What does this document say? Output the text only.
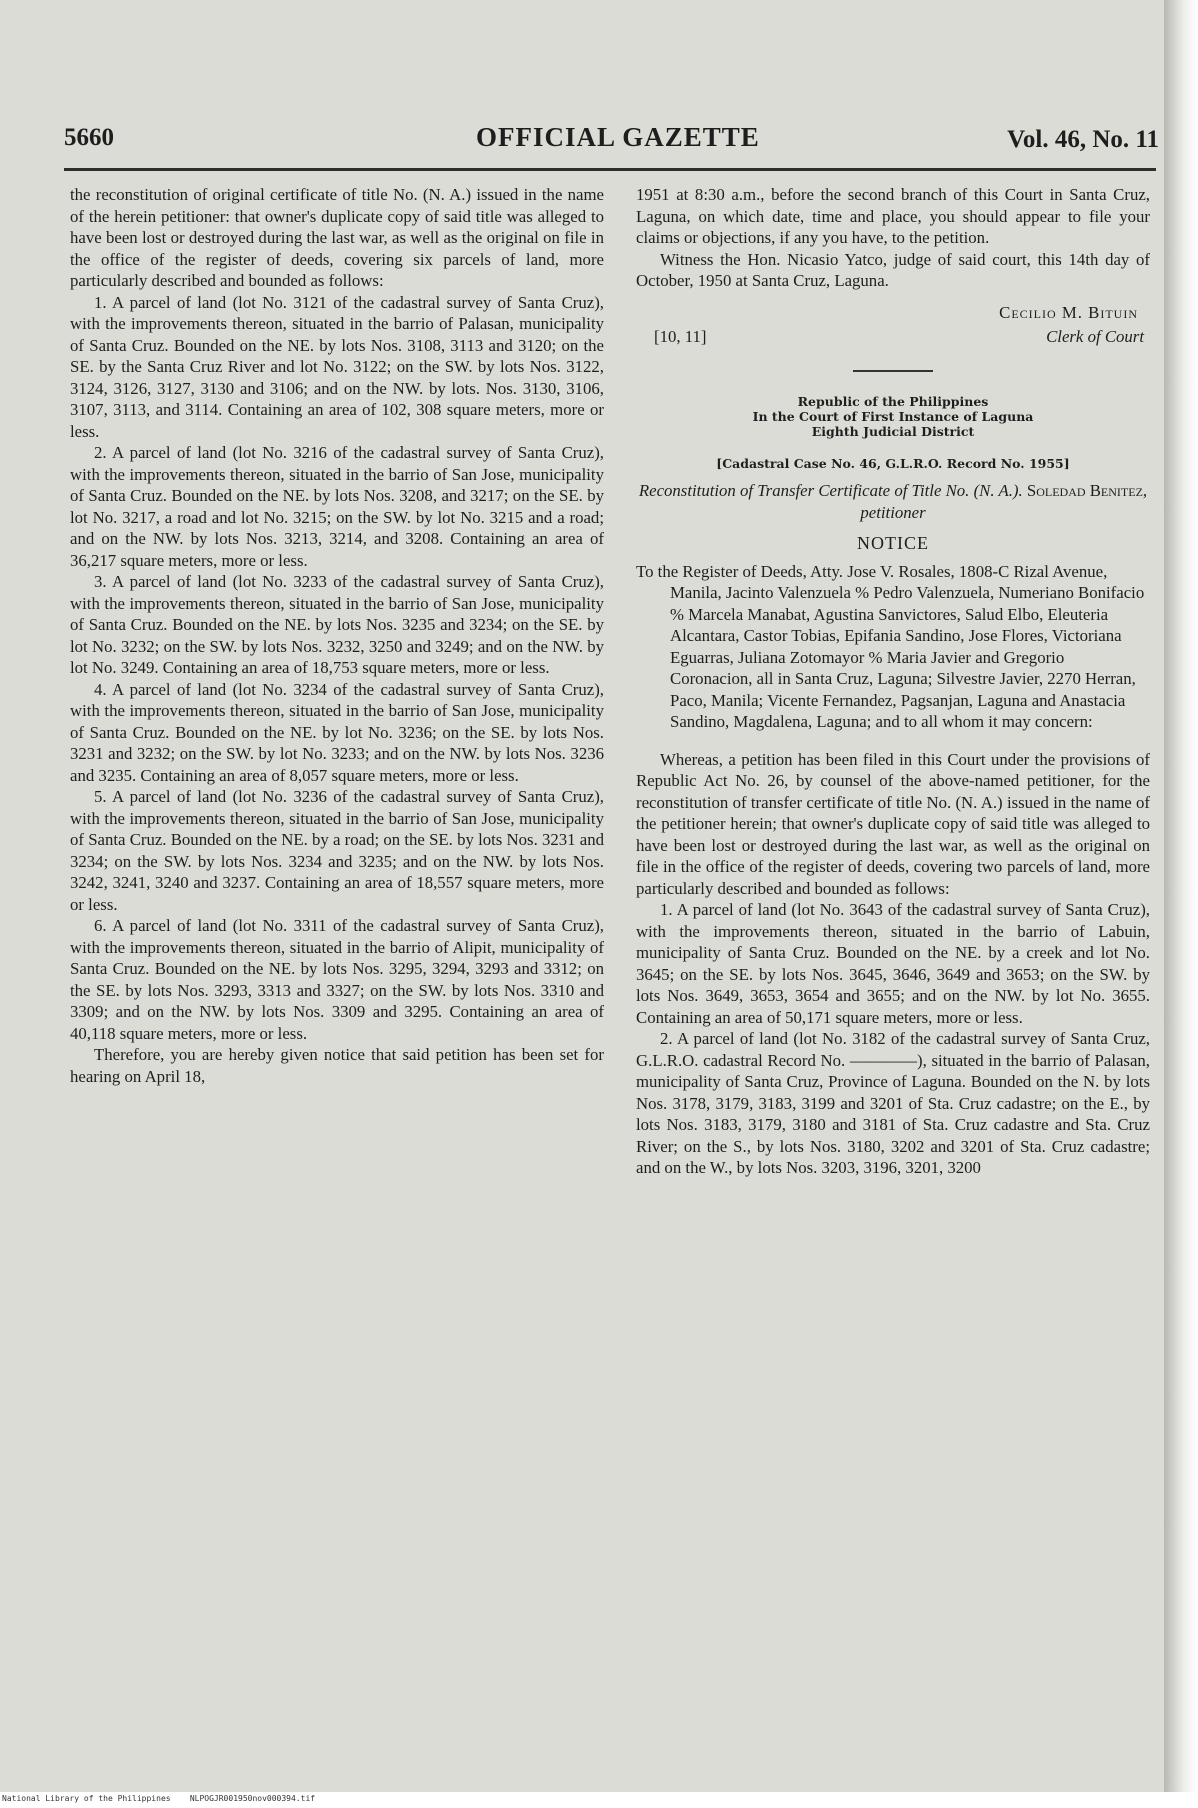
5660	OFFICIAL GAZETTE	Vol. 46, No. 11

the reconstitution of original certificate of title No. (N. A.) issued in the name of the herein petitioner: that owner's duplicate copy of said title was alleged to have been lost or destroyed during the last war, as well as the original on file in the office of the register of deeds, covering six parcels of land, more particularly described and bounded as follows:

1. A parcel of land (lot No. 3121 of the cadastral survey of Santa Cruz), with the improvements thereon, situated in the barrio of Palasan, municipality of Santa Cruz. Bounded on the NE. by lots Nos. 3108, 3113 and 3120; on the SE. by the Santa Cruz River and lot No. 3122; on the SW. by lots Nos. 3122, 3124, 3126, 3127, 3130 and 3106; and on the NW. by lots. Nos. 3130, 3106, 3107, 3113, and 3114. Containing an area of 102, 308 square meters, more or less.

2. A parcel of land (lot No. 3216 of the cadastral survey of Santa Cruz), with the improvements thereon, situated in the barrio of San Jose, municipality of Santa Cruz. Bounded on the NE. by lots Nos. 3208, and 3217; on the SE. by lot No. 3217, a road and lot No. 3215; on the SW. by lot No. 3215 and a road; and on the NW. by lots Nos. 3213, 3214, and 3208. Containing an area of 36,217 square meters, more or less.

3. A parcel of land (lot No. 3233 of the cadastral survey of Santa Cruz), with the improvements thereon, situated in the barrio of San Jose, municipality of Santa Cruz. Bounded on the NE. by lots Nos. 3235 and 3234; on the SE. by lot No. 3232; on the SW. by lots Nos. 3232, 3250 and 3249; and on the NW. by lot No. 3249. Containing an area of 18,753 square meters, more or less.

4. A parcel of land (lot No. 3234 of the cadastral survey of Santa Cruz), with the improvements thereon, situated in the barrio of San Jose, municipality of Santa Cruz. Bounded on the NE. by lot No. 3236; on the SE. by lots Nos. 3231 and 3232; on the SW. by lot No. 3233; and on the NW. by lots Nos. 3236 and 3235. Containing an area of 8,057 square meters, more or less.

5. A parcel of land (lot No. 3236 of the cadastral survey of Santa Cruz), with the improvements thereon, situated in the barrio of San Jose, municipality of Santa Cruz. Bounded on the NE. by a road; on the SE. by lots Nos. 3231 and 3234; on the SW. by lots Nos. 3234 and 3235; and on the NW. by lots Nos. 3242, 3241, 3240 and 3237. Containing an area of 18,557 square meters, more or less.

6. A parcel of land (lot No. 3311 of the cadastral survey of Santa Cruz), with the improvements thereon, situated in the barrio of Alipit, municipality of Santa Cruz. Bounded on the NE. by lots Nos. 3295, 3294, 3293 and 3312; on the SE. by lots Nos. 3293, 3313 and 3327; on the SW. by lots Nos. 3310 and 3309; and on the NW. by lots Nos. 3309 and 3295. Containing an area of 40,118 square meters, more or less.

Therefore, you are hereby given notice that said petition has been set for hearing on April 18,

1951 at 8:30 a.m., before the second branch of this Court in Santa Cruz, Laguna, on which date, time and place, you should appear to file your claims or objections, if any you have, to the petition.

Witness the Hon. Nicasio Yatco, judge of said court, this 14th day of October, 1950 at Santa Cruz, Laguna.

[10, 11]
Cecilio M. Bituin
Clerk of Court
Republic of the Philippines
In the Court of First Instance of Laguna
Eighth Judicial District
[Cadastral Case No. 46, G.L.R.O. Record No. 1955]
Reconstitution of Transfer Certificate of Title No. (N. A.). Soledad Benitez, petitioner
NOTICE

To the Register of Deeds, Atty. Jose V. Rosales, 1808-C Rizal Avenue, Manila, Jacinto Valenzuela % Pedro Valenzuela, Numeriano Bonifacio % Marcela Manabat, Agustina Sanvictores, Salud Elbo, Eleuteria Alcantara, Castor Tobias, Epifania Sandino, Jose Flores, Victoriana Eguarras, Juliana Zotomayor % Maria Javier and Gregorio Coronacion, all in Santa Cruz, Laguna; Silvestre Javier, 2270 Herran, Paco, Manila; Vicente Fernandez, Pagsanjan, Laguna and Anastacia Sandino, Magdalena, Laguna; and to all whom it may concern:

Whereas, a petition has been filed in this Court under the provisions of Republic Act No. 26, by counsel of the above-named petitioner, for the reconstitution of transfer certificate of title No. (N. A.) issued in the name of the petitioner herein; that owner's duplicate copy of said title was alleged to have been lost or destroyed during the last war, as well as the original on file in the office of the register of deeds, covering two parcels of land, more particularly described and bounded as follows:

1. A parcel of land (lot No. 3643 of the cadastral survey of Santa Cruz), with the improvements thereon, situated in the barrio of Labuin, municipality of Santa Cruz. Bounded on the NE. by a creek and lot No. 3645; on the SE. by lots Nos. 3645, 3646, 3649 and 3653; on the SW. by lots Nos. 3649, 3653, 3654 and 3655; and on the NW. by lot No. 3655. Containing an area of 50,171 square meters, more or less.

2. A parcel of land (lot No. 3182 of the cadastral survey of Santa Cruz, G.L.R.O. cadastral Record No. ————), situated in the barrio of Palasan, municipality of Santa Cruz, Province of Laguna. Bounded on the N. by lots Nos. 3178, 3179, 3183, 3199 and 3201 of Sta. Cruz cadastre; on the E., by lots Nos. 3183, 3179, 3180 and 3181 of Sta. Cruz cadastre and Sta. Cruz River; on the S., by lots Nos. 3180, 3202 and 3201 of Sta. Cruz cadastre; and on the W., by lots Nos. 3203, 3196, 3201, 3200

National Library of the Philippines NLPOGJR001950nov000394.tif
